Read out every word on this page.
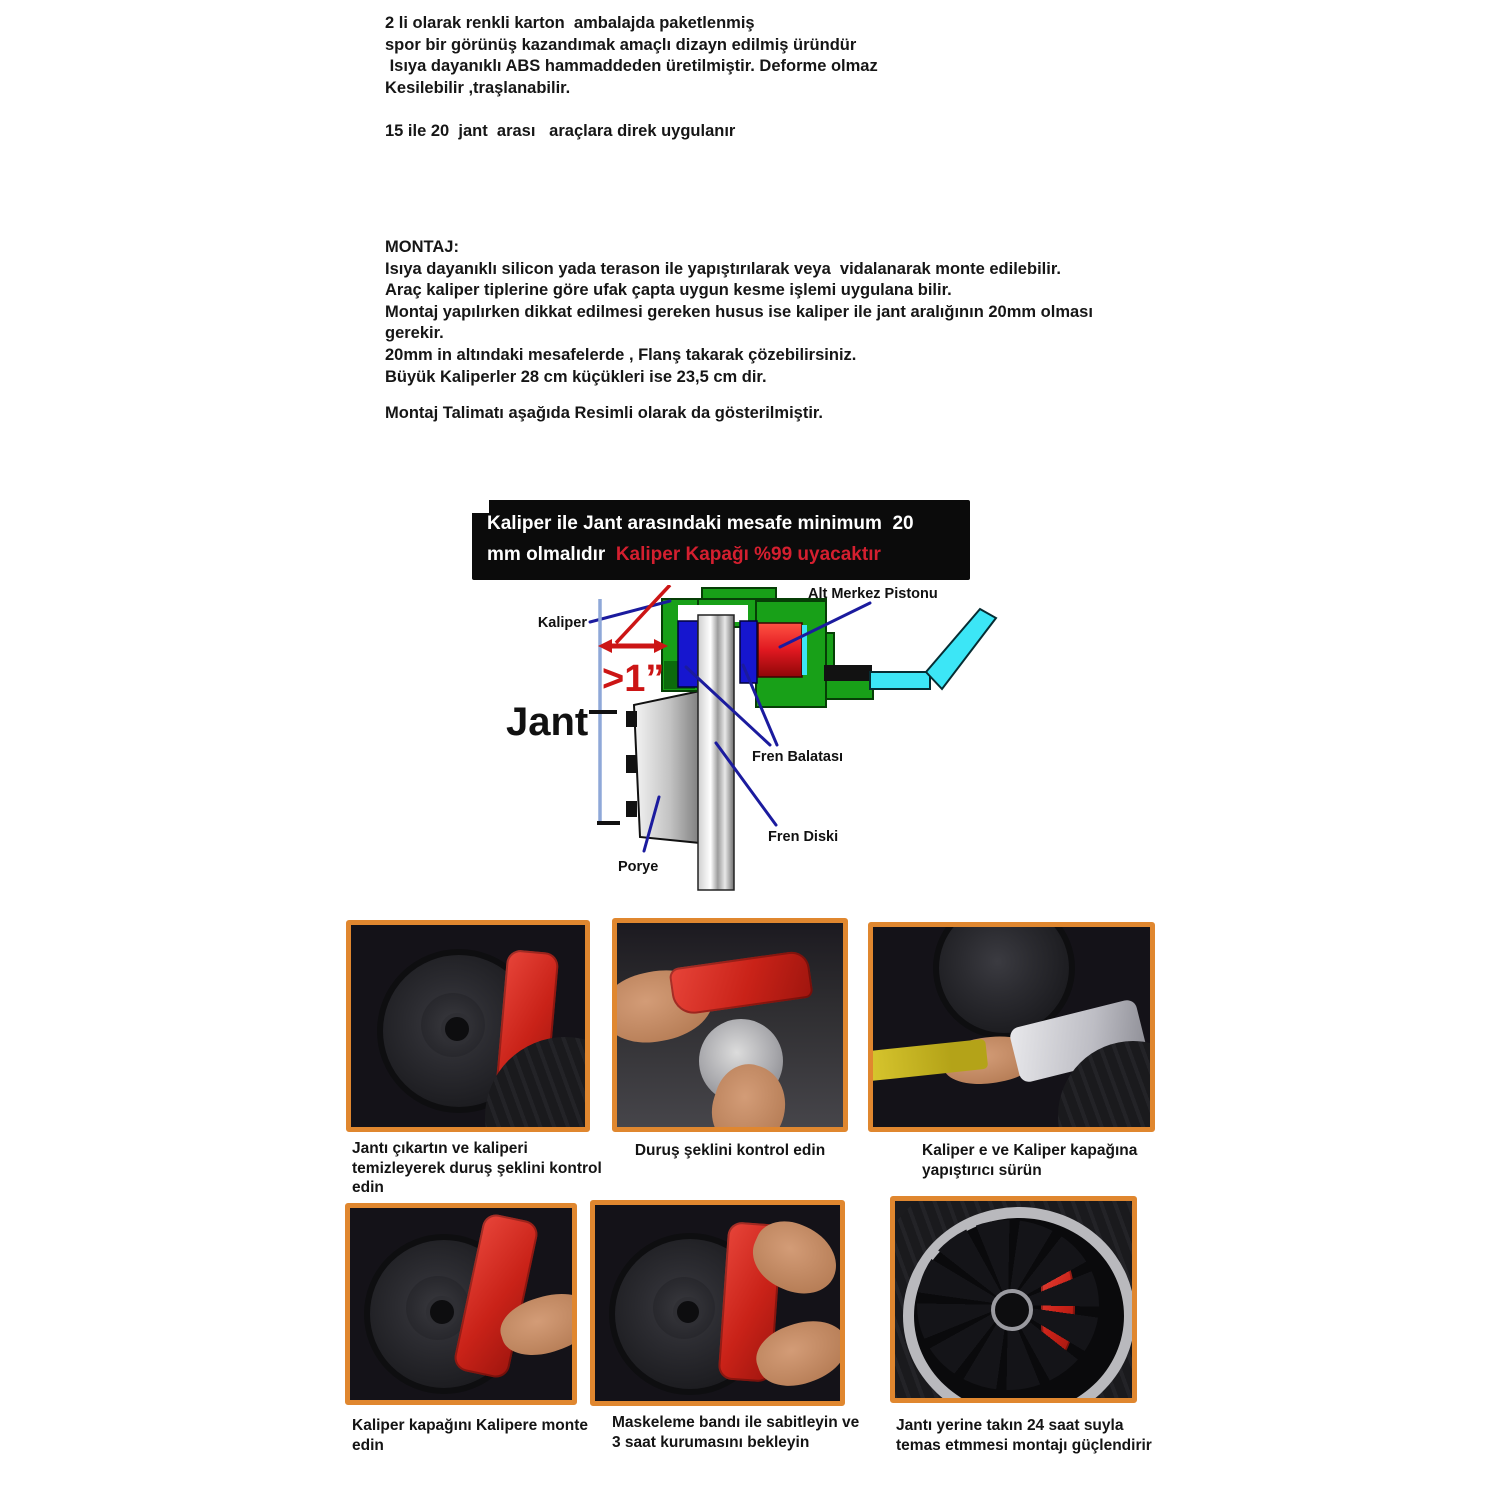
2 li olarak renkli karton  ambalajda paketlenmiş
spor bir görünüş kazandımak amaçlı dizayn edilmiş üründür
Isıya dayanıklı ABS hammaddeden üretilmiştir. Deforme olmaz
Kesilebilir ,traşlanabilir.
15 ile 20  jant  arası   araçlara direk uygulanır
MONTAJ:
Isıya dayanıklı silicon yada terason ile yapıştırılarak veya  vidalanarak monte edilebilir.
Araç kaliper tiplerine göre ufak çapta uygun kesme işlemi uygulana bilir.
Montaj yapılırken dikkat edilmesi gereken husus ise kaliper ile jant aralığının 20mm olması
gerekir.
20mm in altındaki mesafelerde , Flanş takarak çözebilirsiniz.
Büyük Kaliperler 28 cm küçükleri ise 23,5 cm dir.
Montaj Talimatı aşağıda Resimli olarak da gösterilmiştir.
Kaliper ile Jant arasındaki mesafe minimum  20
mm olmalıdır  Kaliper Kapağı %99 uyacaktır
>1”
Kaliper
Jant
Alt Merkez Pistonu
Fren Balatası
Fren Diski
Porye
Jantı çıkartın ve kaliperi temizleyerek duruş şeklini kontrol edin
Duruş şeklini kontrol edin	Kaliper e ve Kaliper kapağına yapıştırıcı sürün
Kaliper kapağını Kalipere monte edin
Maskeleme bandı ile sabitleyin ve 3 saat kurumasını bekleyin
Jantı yerine takın 24 saat suyla temas etmmesi montajı güçlendirir
